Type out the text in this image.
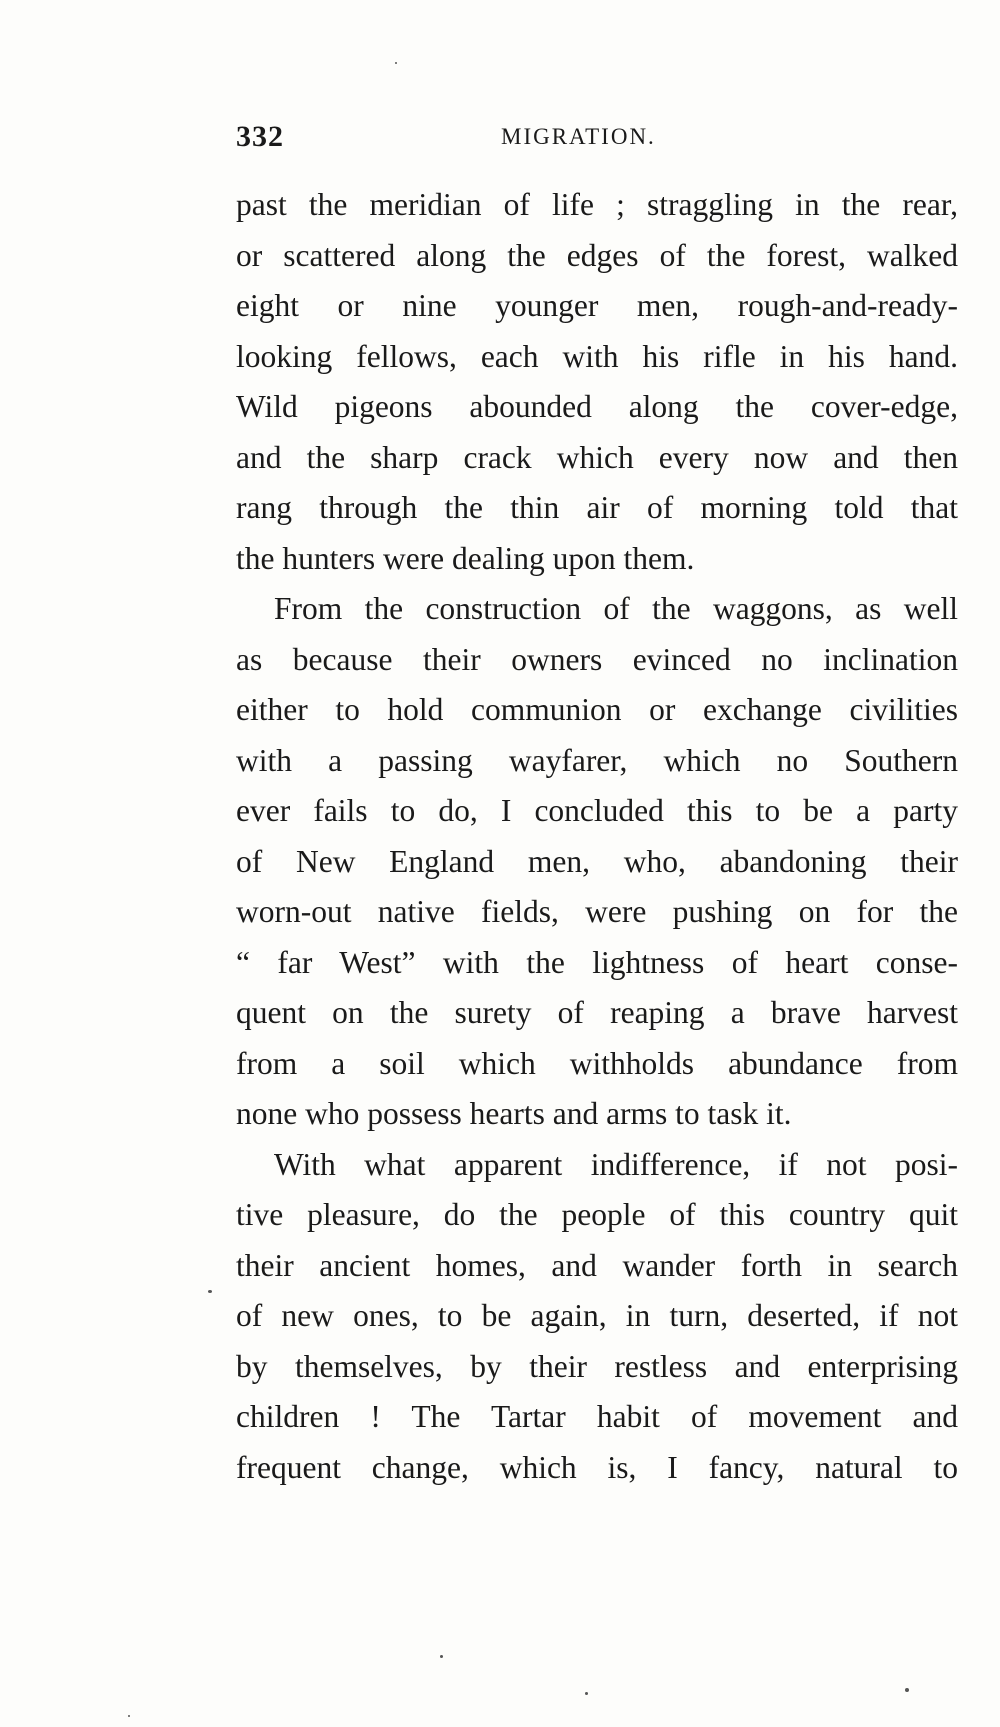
332	MIGRATION.
past the meridian of life ; straggling in the rear,
or scattered along the edges of the forest, walked
eight or nine younger men, rough-and-ready-
looking fellows, each with his rifle in his hand.
Wild pigeons abounded along the cover-edge,
and the sharp crack which every now and then
rang through the thin air of morning told that
the hunters were dealing upon them.
From the construction of the waggons, as well
as because their owners evinced no inclination
either to hold communion or exchange civilities
with a passing wayfarer, which no Southern
ever fails to do, I concluded this to be a party
of New England men, who, abandoning their
worn-out native fields, were pushing on for the
“ far West” with the lightness of heart conse-
quent on the surety of reaping a brave harvest
from a soil which withholds abundance from
none who possess hearts and arms to task it.
With what apparent indifference, if not posi-
tive pleasure, do the people of this country quit
their ancient homes, and wander forth in search
of new ones, to be again, in turn, deserted, if not
by themselves, by their restless and enterprising
children ! The Tartar habit of movement and
frequent change, which is, I fancy, natural to
